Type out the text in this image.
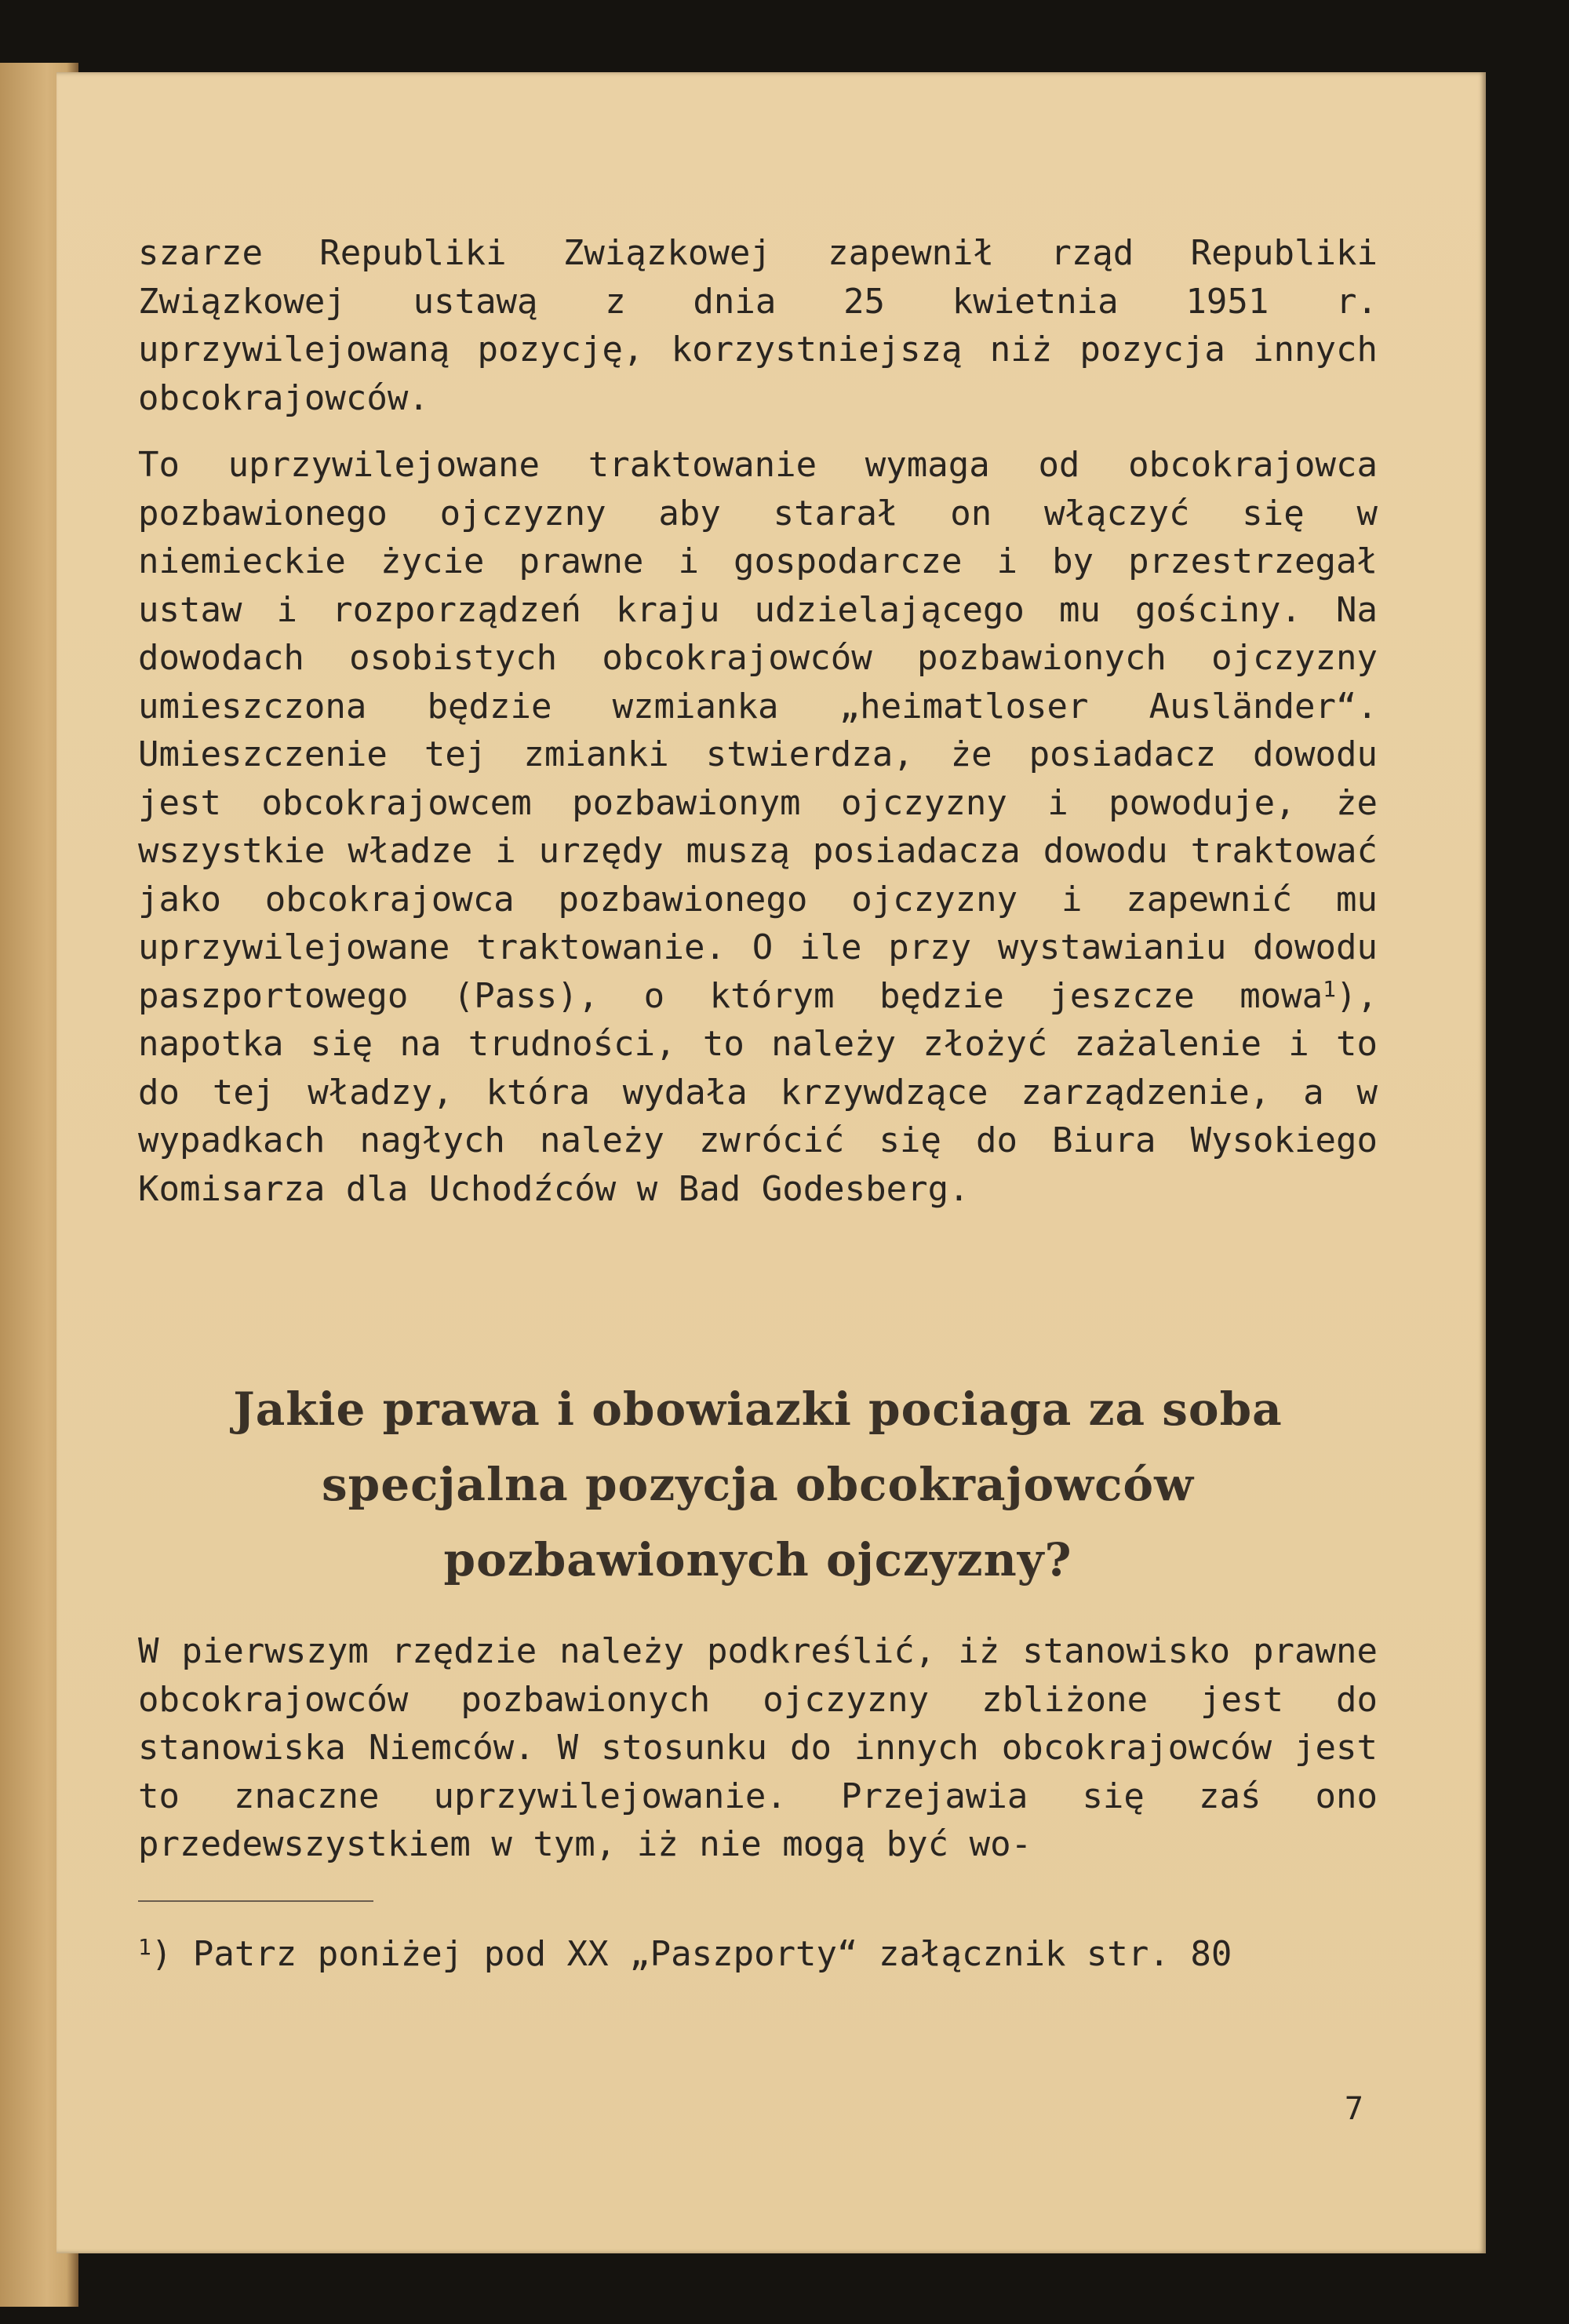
szarze Republiki Związkowej zapewnił rząd Republiki Związkowej ustawą z dnia 25 kwietnia 1951 r. uprzywilejowaną pozycję, korzystniejszą niż pozycja innych obcokrajowców.

To uprzywilejowane traktowanie wymaga od obcokrajowca pozbawionego ojczyzny aby starał on włączyć się w niemieckie życie prawne i gospodarcze i by przestrzegał ustaw i rozporządzeń kraju udzielającego mu gościny. Na dowodach osobistych obcokrajowców pozbawionych ojczyzny umieszczona będzie wzmianka „heimatloser Ausländer“. Umieszczenie tej zmianki stwierdza, że posiadacz dowodu jest obcokrajowcem pozbawionym ojczyzny i powoduje, że wszystkie władze i urzędy muszą posiadacza dowodu traktować jako obcokrajowca pozbawionego ojczyzny i zapewnić mu uprzywilejowane traktowanie. O ile przy wystawianiu dowodu paszportowego (Pass), o którym będzie jeszcze mowa$^1$), napotka się na trudności, to należy złożyć zażalenie i to do tej władzy, która wydała krzywdzące zarządzenie, a w wypadkach nagłych należy zwrócić się do Biura Wysokiego Komisarza dla Uchodźców w Bad Godesberg.

Jakie prawa i obowiazki pociaga za soba specjalna pozycja obcokrajowców pozbawionych ojczyzny?

W pierwszym rzędzie należy podkreślić, iż stanowisko prawne obcokrajowców pozbawionych ojczyzny zbliżone jest do stanowiska Niemców. W stosunku do innych obcokrajowców jest to znaczne uprzywilejowanie. Przejawia się zaś ono przedewszystkiem w tym, iż nie mogą być wo-

$^1$) Patrz poniżej pod XX „Paszporty“ załącznik str. 80

7
